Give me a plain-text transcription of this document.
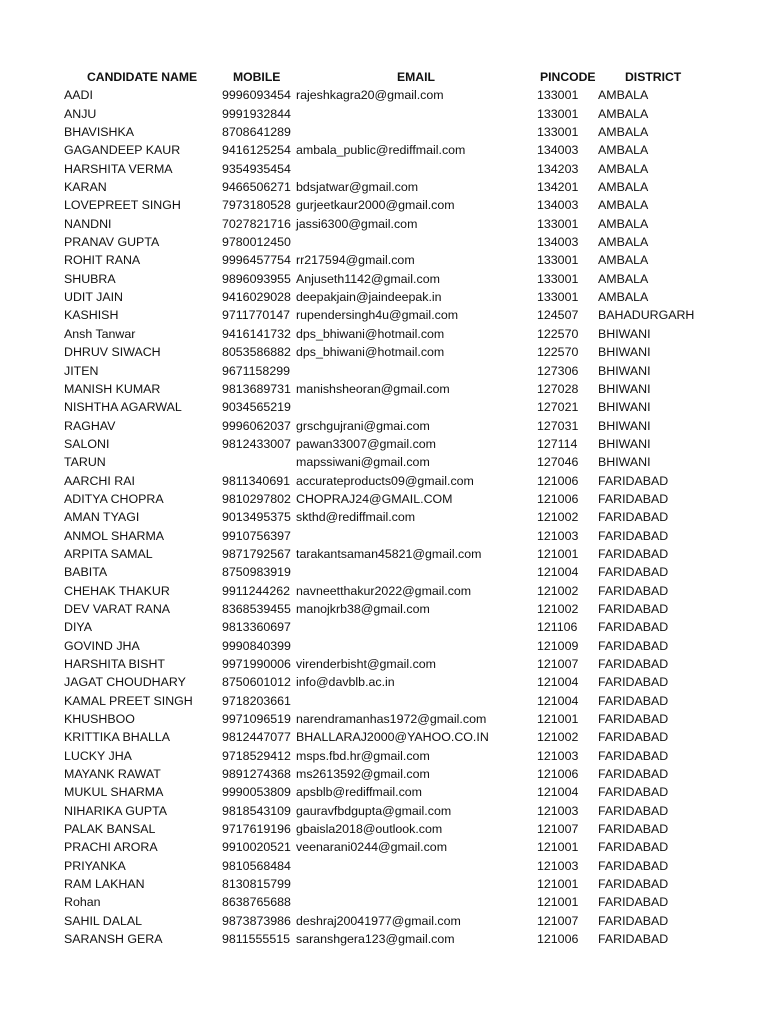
CANDIDATE NAME	MOBILE	EMAIL	PINCODE DISTRICT
AADI	9996093454 rajeshkagra20@gmail.com	133001 AMBALA
ANJU	9991932844	133001 AMBALA
BHAVISHKA	8708641289	133001 AMBALA
GAGANDEEP KAUR	9416125254 ambala_public@rediffmail.com	134003 AMBALA
HARSHITA VERMA	9354935454	134203 AMBALA
KARAN	9466506271 bdsjatwar@gmail.com	134201 AMBALA
LOVEPREET SINGH	7973180528 gurjeetkaur2000@gmail.com	134003 AMBALA
NANDNI	7027821716 jassi6300@gmail.com	133001 AMBALA
PRANAV GUPTA	9780012450	134003 AMBALA
ROHIT RANA	9996457754 rr217594@gmail.com	133001 AMBALA
SHUBRA	9896093955 Anjuseth1142@gmail.com	133001 AMBALA
UDIT JAIN	9416029028 deepakjain@jaindeepak.in	133001 AMBALA
KASHISH	9711770147 rupendersingh4u@gmail.com	124507 BAHADURGARH
Ansh Tanwar	9416141732 dps_bhiwani@hotmail.com	122570 BHIWANI
DHRUV SIWACH	8053586882 dps_bhiwani@hotmail.com	122570 BHIWANI
JITEN	9671158299	127306 BHIWANI
MANISH KUMAR	9813689731 manishsheoran@gmail.com	127028 BHIWANI
NISHTHA AGARWAL	9034565219	127021 BHIWANI
RAGHAV	9996062037 grschgujrani@gmai.com	127031 BHIWANI
SALONI	9812433007 pawan33007@gmail.com	127114 BHIWANI
TARUN	mapssiwani@gmail.com	127046 BHIWANI
AARCHI RAI	9811340691 accurateproducts09@gmail.com	121006 FARIDABAD
ADITYA CHOPRA	9810297802 CHOPRAJ24@GMAIL.COM	121006 FARIDABAD
AMAN TYAGI	9013495375 skthd@rediffmail.com	121002 FARIDABAD
ANMOL SHARMA	9910756397	121003 FARIDABAD
ARPITA SAMAL	9871792567 tarakantsaman45821@gmail.com	121001 FARIDABAD
BABITA	8750983919	121004 FARIDABAD
CHEHAK THAKUR	9911244262 navneetthakur2022@gmail.com	121002 FARIDABAD
DEV VARAT RANA	8368539455 manojkrb38@gmail.com	121002 FARIDABAD
DIYA	9813360697	121106 FARIDABAD
GOVIND JHA	9990840399	121009 FARIDABAD
HARSHITA BISHT	9971990006 virenderbisht@gmail.com	121007 FARIDABAD
JAGAT CHOUDHARY	8750601012 info@davblb.ac.in	121004 FARIDABAD
KAMAL PREET SINGH 9718203661	121004 FARIDABAD
KHUSHBOO	9971096519 narendramanhas1972@gmail.com	121001 FARIDABAD
KRITTIKA BHALLA	9812447077 BHALLARAJ2000@YAHOO.CO.IN	121002 FARIDABAD
LUCKY JHA	9718529412 msps.fbd.hr@gmail.com	121003 FARIDABAD
MAYANK RAWAT	9891274368 ms2613592@gmail.com	121006 FARIDABAD
MUKUL SHARMA	9990053809 apsblb@rediffmail.com	121004 FARIDABAD
NIHARIKA GUPTA	9818543109 gauravfbdgupta@gmail.com	121003 FARIDABAD
PALAK BANSAL	9717619196 gbaisla2018@outlook.com	121007 FARIDABAD
PRACHI ARORA	9910020521 veenarani0244@gmail.com	121001 FARIDABAD
PRIYANKA	9810568484	121003 FARIDABAD
RAM LAKHAN	8130815799	121001 FARIDABAD
Rohan	8638765688	121001 FARIDABAD
SAHIL DALAL	9873873986 deshraj20041977@gmail.com	121007 FARIDABAD
SARANSH GERA	9811555515 saranshgera123@gmail.com	121006 FARIDABAD
